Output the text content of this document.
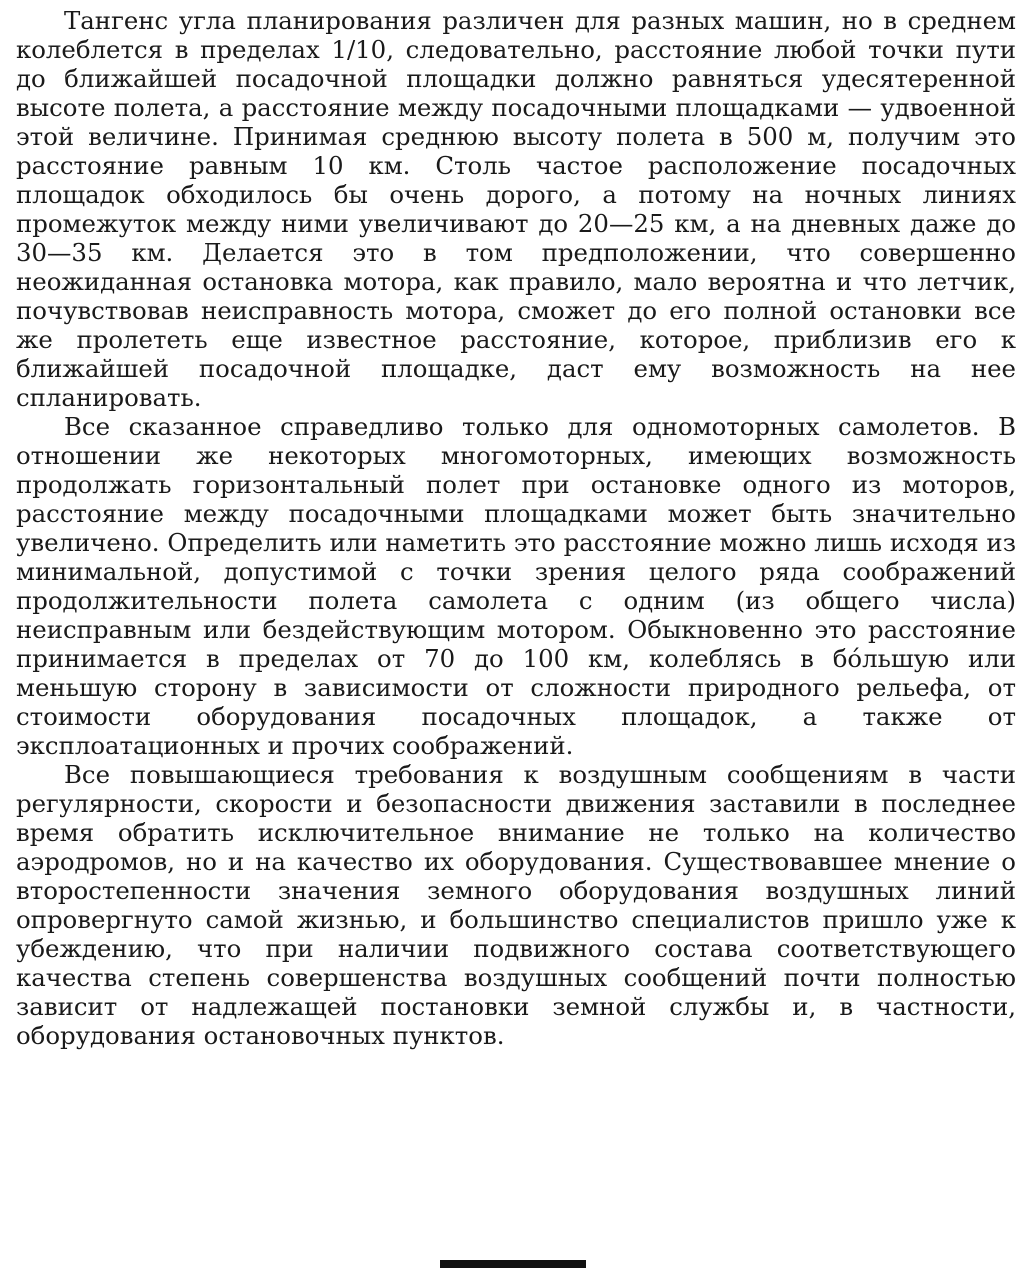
Тангенс угла планирования различен для разных машин, но в среднем колеблется в пределах 1/10, следовательно, расстояние любой точки пути до ближайшей посадочной площадки должно равняться удесятеренной высоте полета, а расстояние между посадочными площадками — удвоенной этой величине. Принимая среднюю высоту полета в 500 м, получим это расстояние равным 10 км. Столь частое расположение посадочных площадок обходилось бы очень дорого, а потому на ночных линиях промежуток между ними увеличивают до 20—25 км, а на дневных даже до 30—35 км. Делается это в том предположении, что совершенно неожиданная остановка мотора, как правило, мало вероятна и что летчик, почувствовав неисправность мотора, сможет до его полной остановки все же пролететь еще известное расстояние, которое, приблизив его к ближайшей посадочной площадке, даст ему возможность на нее спланировать.

Все сказанное справедливо только для одномоторных самолетов. В отношении же некоторых многомоторных, имеющих возможность продолжать горизонтальный полет при остановке одного из моторов, расстояние между посадочными площадками может быть значительно увеличено. Определить или наметить это расстояние можно лишь исходя из минимальной, допустимой с точки зрения целого ряда соображений продолжительности полета самолета с одним (из общего числа) неисправным или бездействующим мотором. Обыкновенно это расстояние принимается в пределах от 70 до 100 км, колеблясь в бо́льшую или меньшую сторону в зависимости от сложности природного рельефа, от стоимости оборудования посадочных площадок, а также от эксплоатационных и прочих соображений.

Все повышающиеся требования к воздушным сообщениям в части регулярности, скорости и безопасности движения заставили в последнее время обратить исключительное внимание не только на количество аэродромов, но и на качество их оборудования. Существовавшее мнение о второстепенности значения земного оборудования воздушных линий опровергнуто самой жизнью, и большинство специалистов пришло уже к убеждению, что при наличии подвижного состава соответствующего качества степень совершенства воздушных сообщений почти полностью зависит от надлежащей постановки земной службы и, в частности, оборудования остановочных пунктов.
